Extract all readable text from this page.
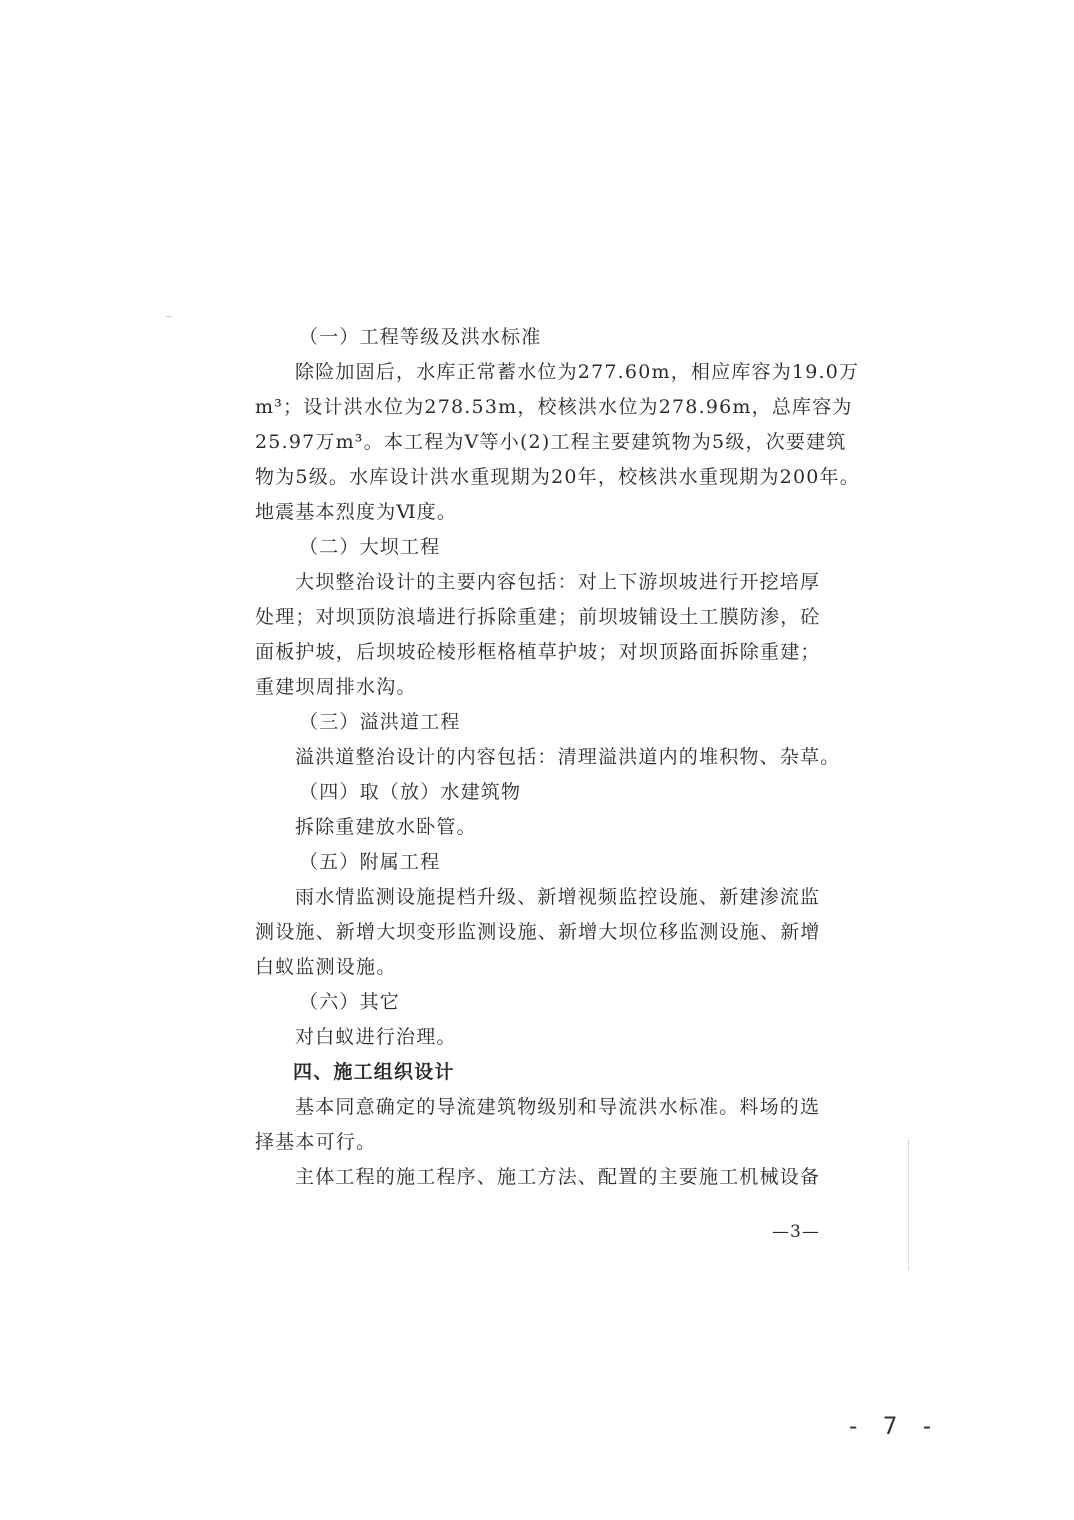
（一）工程等级及洪水标准
除险加固后，水库正常蓄水位为277.60m，相应库容为19.0万
m³；设计洪水位为278.53m，校核洪水位为278.96m，总库容为
25.97万m³。本工程为Ⅴ等小(2)工程主要建筑物为5级，次要建筑
物为5级。水库设计洪水重现期为20年，校核洪水重现期为200年。
地震基本烈度为Ⅵ度。
（二）大坝工程
大坝整治设计的主要内容包括：对上下游坝坡进行开挖培厚
处理；对坝顶防浪墙进行拆除重建；前坝坡铺设土工膜防渗，砼
面板护坡，后坝坡砼棱形框格植草护坡；对坝顶路面拆除重建；
重建坝周排水沟。
（三）溢洪道工程
溢洪道整治设计的内容包括：清理溢洪道内的堆积物、杂草。
（四）取（放）水建筑物
拆除重建放水卧管。
（五）附属工程
雨水情监测设施提档升级、新增视频监控设施、新建渗流监
测设施、新增大坝变形监测设施、新增大坝位移监测设施、新增
白蚁监测设施。
（六）其它
对白蚁进行治理。
四、施工组织设计
基本同意确定的导流建筑物级别和导流洪水标准。料场的选
择基本可行。
主体工程的施工程序、施工方法、配置的主要施工机械设备
—3—
- 7 -
